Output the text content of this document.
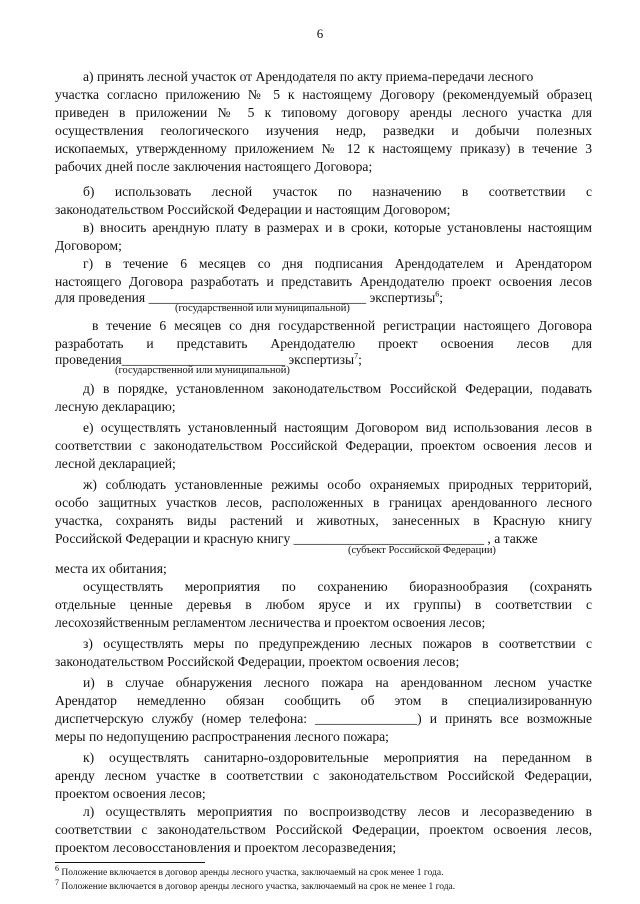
6
а) принять лесной участок от Арендодателя по акту приема-передачи лесного
участка согласно приложению № 5 к настоящему Договору (рекомендуемый образец
приведен в приложении № 5 к типовому договору аренды лесного участка для
осуществления геологического изучения недр, разведки и добычи полезных
ископаемых, утвержденному приложением № 12 к настоящему приказу) в течение 3
рабочих дней после заключения настоящего Договора;
б) использовать лесной участок по назначению в соответствии с
законодательством Российской Федерации и настоящим Договором;
в) вносить арендную плату в размерах и в сроки, которые установлены настоящим
Договором;
г) в течение 6 месяцев со дня подписания Арендодателем и Арендатором
настоящего Договора разработать и представить Арендодателю проект освоения лесов
для проведения ________________________________ экспертизы$^6$;
(государственной или муниципальной)
в течение 6 месяцев со дня государственной регистрации настоящего Договора
разработать и представить Арендодателю проект освоения лесов для
проведения________________________ экспертизы$^7$;
(государственной или муниципальной)
д) в порядке, установленном законодательством Российской Федерации, подавать
лесную декларацию;
е) осуществлять установленный настоящим Договором вид использования лесов в
соответствии с законодательством Российской Федерации, проектом освоения лесов и
лесной декларацией;
ж) соблюдать установленные режимы особо охраняемых природных территорий,
особо защитных участков лесов, расположенных в границах арендованного лесного
участка, сохранять виды растений и животных, занесенных в Красную книгу
Российской Федерации и красную книгу ____________________________ , а также
(субъект Российской Федерации)
места их обитания;
осуществлять мероприятия по сохранению биоразнообразия (сохранять
отдельные ценные деревья в любом ярусе и их группы) в соответствии с
лесохозяйственным регламентом лесничества и проектом освоения лесов;
з) осуществлять меры по предупреждению лесных пожаров в соответствии с
законодательством Российской Федерации, проектом освоения лесов;
и) в случае обнаружения лесного пожара на арендованном лесном участке
Арендатор немедленно обязан сообщить об этом в специализированную
диспетчерскую службу (номер телефона: _______________) и принять все возможные
меры по недопущению распространения лесного пожара;
к) осуществлять санитарно-оздоровительные мероприятия на переданном в
аренду лесном участке в соответствии с законодательством Российской Федерации,
проектом освоения лесов;
л) осуществлять мероприятия по воспроизводству лесов и лесоразведению в
соответствии с законодательством Российской Федерации, проектом освоения лесов,
проектом лесовосстановления и проектом лесоразведения;
$^6$ Положение включается в договор аренды лесного участка, заключаемый на срок менее 1 года.
$^7$ Положение включается в договор аренды лесного участка, заключаемый на срок не менее 1 года.
